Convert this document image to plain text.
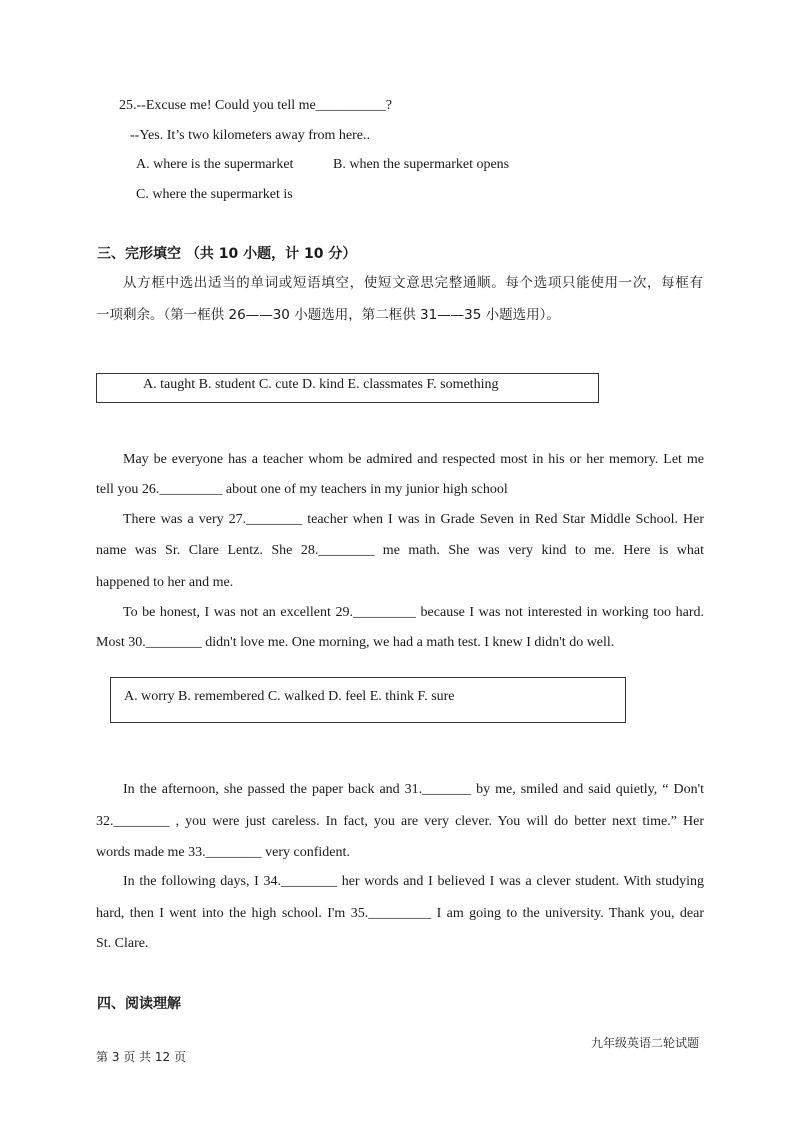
25.--Excuse me! Could you tell me__________?
--Yes. It’s two kilometers away from here..
A. where is the supermarket	B. when the supermarket opens
C. where the supermarket is
三、完形填空 （共 10 小题，计 10 分）
从方框中选出适当的单词或短语填空，使短文意思完整通顺。每个选项只能使用一次，每框有
一项剩余。（第一框供 26——30 小题选用，第二框供 31——35 小题选用）。
A. taught B. student C. cute D. kind E. classmates F. something
May be everyone has a teacher whom be admired and respected most in his or her memory. Let me
tell you 26._________ about one of my teachers in my junior high school
There was a very 27.________ teacher when I was in Grade Seven in Red Star Middle School. Her
name was Sr. Clare Lentz. She 28.________ me math. She was very kind to me. Here is what
happened to her and me.
To be honest, I was not an excellent 29._________ because I was not interested in working too hard.
Most 30.________ didn't love me. One morning, we had a math test. I knew I didn't do well.
A. worry B. remembered C. walked D. feel E. think F. sure
In the afternoon, she passed the paper back and 31._______ by me, smiled and said quietly, “ Don't
32.________ , you were just careless. In fact, you are very clever. You will do better next time.” Her
words made me 33.________ very confident.
In the following days, I 34.________ her words and I believed I was a clever student. With studying
hard, then I went into the high school. I'm 35._________ I am going to the university. Thank you, dear
St. Clare.
四、阅读理解
九年级英语二轮试题
第 3 页 共 12 页
